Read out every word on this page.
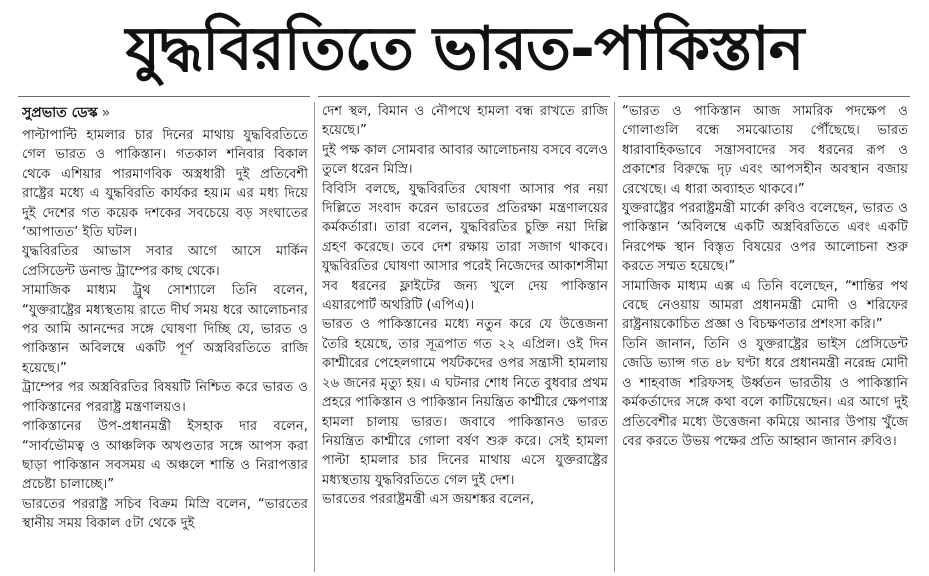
যুদ্ধবিরতিতে ভারত-পাকিস্তান
সুপ্রভাত ডেস্ক »

পাল্টাপাল্টি হামলার চার দিনের মাথায় যুদ্ধবিরতিতে গেল ভারত ও পাকিস্তান। গতকাল শনিবার বিকাল থেকে এশিয়ার পারমাণবিক অস্ত্রধারী দুই প্রতিবেশী রাষ্ট্রের মধ্যে এ যুদ্ধবিরতি কার্যকর হয়।ম এর মধ্য দিয়ে দুই দেশের গত কয়েক দশকের সবচেয়ে বড় সংঘাতের ‘আপাতত’ ইতি ঘটল।

যুদ্ধবিরতির আভাস সবার আগে আসে মার্কিন প্রেসিডেন্ট ডনাল্ড ট্রাম্পের কাছ থেকে।

সামাজিক মাধ্যম ট্রুথ সোশ্যালে তিনি বলেন, “যুক্তরাষ্ট্রের মধ্যস্থতায় রাতে দীর্ঘ সময় ধরে আলোচনার পর আমি আনন্দের সঙ্গে ঘোষণা দিচ্ছি যে, ভারত ও পাকিস্তান অবিলম্বে একটি পূর্ণ অস্ত্রবিরতিতে রাজি হয়েছে।”

ট্রাম্পের পর অস্ত্রবিরতির বিষয়টি নিশ্চিত করে ভারত ও পাকিস্তানের পররাষ্ট্র মন্ত্রণালয়ও।

পাকিস্তানের উপ-প্রধানমন্ত্রী ইসহাক দার বলেন, “সার্বভৌমত্ব ও আঞ্চলিক অখণ্ডতার সঙ্গে আপস করা ছাড়া পাকিস্তান সবসময় এ অঞ্চলে শান্তি ও নিরাপত্তার প্রচেষ্টা চালাচ্ছে।”

ভারতের পররাষ্ট্র সচিব বিক্রম মিস্রি বলেন, “ভারতের স্থানীয় সময় বিকাল ৫টা থেকে দুই

দেশ স্থল, বিমান ও নৌপথে হামলা বন্ধ রাখতে রাজি হয়েছে।”

দুই পক্ষ কাল সোমবার আবার আলোচনায় বসবে বলেও তুলে ধরেন মিস্রি।

বিবিসি বলছে, যুদ্ধবিরতির ঘোষণা আসার পর নয়া দিল্লিতে সংবাদ করেন ভারতের প্রতিরক্ষা মন্ত্রণালয়ের কর্মকর্তারা। তারা বলেন, যুদ্ধবিরতির চুক্তি নয়া দিল্লি গ্রহণ করেছে। তবে দেশ রক্ষায় তারা সজাগ থাকবে। যুদ্ধবিরতির ঘোষণা আসার পরেই নিজেদের আকাশসীমা সব ধরনের ফ্লাইটের জন্য খুলে দেয় পাকিস্তান এয়ারপোর্ট অথরিটি (এপিএ)।

ভারত ও পাকিস্তানের মধ্যে নতুন করে যে উত্তেজনা তৈরি হয়েছে, তার সূত্রপাত গত ২২ এপ্রিল। ওই দিন কাশ্মীরের পেহেলগামে পর্যটকদের ওপর সন্ত্রাসী হামলায় ২৬ জনের মৃত্যু হয়। এ ঘটনার শোধ নিতে বুধবার প্রথম প্রহরে পাকিস্তান ও পাকিস্তান নিয়ন্ত্রিত কাশ্মীরে ক্ষেপণাস্ত্র হামলা চালায় ভারত। জবাবে পাকিস্তানও ভারত নিয়ন্ত্রিত কাশ্মীরে গোলা বর্ষণ শুরু করে। সেই হামলা পাল্টা হামলার চার দিনের মাথায় এসে যুক্তরাষ্ট্রের মধ্যস্থতায় যুদ্ধবিরতিতে গেল দুই দেশ।

ভারতের পররাষ্ট্রমন্ত্রী এস জয়শঙ্কর বলেন,

“ভারত ও পাকিস্তান আজ সামরিক পদক্ষেপ ও গোলাগুলি বন্ধে সমঝোতায় পৌঁছেছে। ভারত ধারাবাহিকভাবে সন্ত্রাসবাদের সব ধরনের রূপ ও প্রকাশের বিরুদ্ধে দৃঢ় এবং আপসহীন অবস্থান বজায় রেখেছে। এ ধারা অব্যাহত থাকবে।”

যুক্তরাষ্ট্রের পররাষ্ট্রমন্ত্রী মার্কো রুবিও বলেছেন, ভারত ও পাকিস্তান ‘অবিলম্বে একটি অস্ত্রবিরতিতে এবং একটি নিরপেক্ষ স্থান বিস্তৃত বিষয়ের ওপর আলোচনা শুরু করতে সম্মত হয়েছে।”

সামাজিক মাধ্যম এক্স এ তিনি বলেছেন, “শান্তির পথ বেছে নেওয়ায় আমরা প্রধানমন্ত্রী মোদী ও শরিফের রাষ্ট্রনায়কোচিত প্রজ্ঞা ও বিচক্ষণতার প্রশংসা করি।”

তিনি জানান, তিনি ও যুক্তরাষ্ট্রের ভাইস প্রেসিডেন্ট জেডি ভ্যান্স গত ৪৮ ঘণ্টা ধরে প্রধানমন্ত্রী নরেন্দ্র মোদী ও শাহবাজ শরিফসহ উর্ধ্বতন ভারতীয় ও পাকিস্তানি কর্মকর্তাদের সঙ্গে কথা বলে কাটিয়েছেন। এর আগে দুই প্রতিবেশীর মধ্যে উত্তেজনা কমিয়ে আনার উপায় খুঁজে বের করতে উভয় পক্ষের প্রতি আহ্বান জানান রুবিও।
